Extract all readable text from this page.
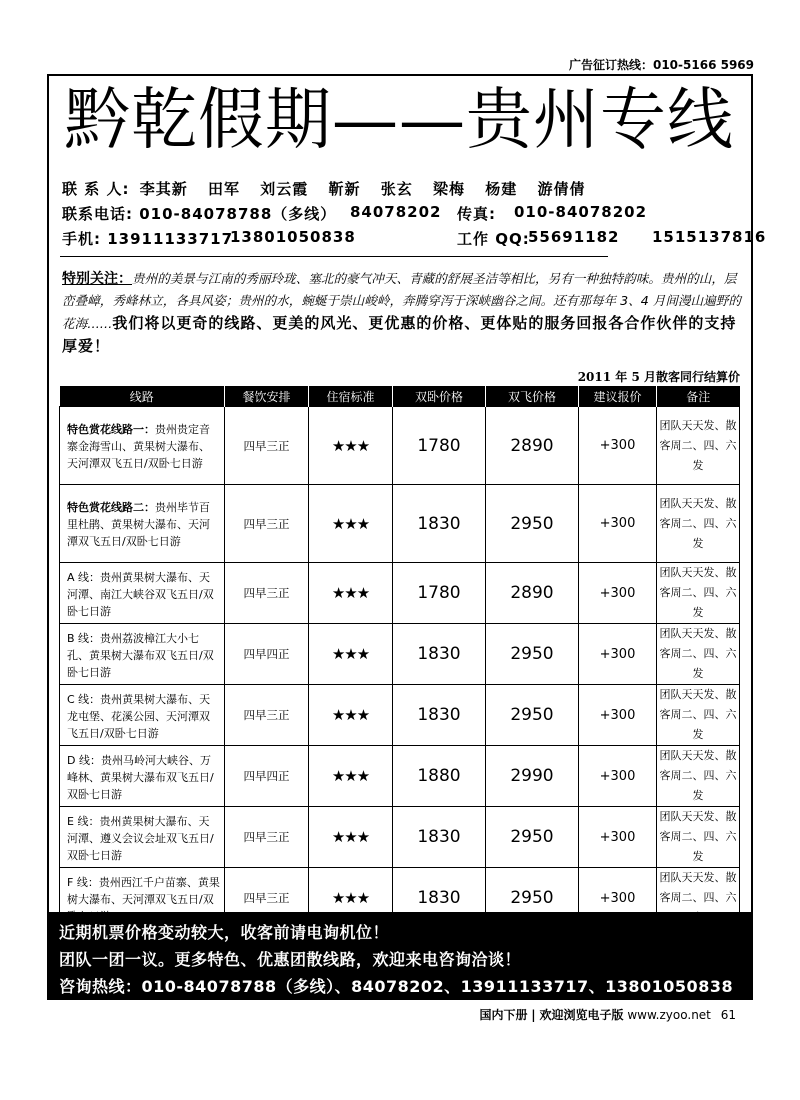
广告征订热线：010-5166 5969
黔乾假期——贵州专线
联 系 人: 李其新 田军 刘云霞 靳新 张玄 梁梅 杨建 游倩倩
联系电话: 010-84078788（多线） 84078202 传真: 010-84078202
手机: 13911133717
13801050838	工作 QQ:
55691182 1515137816
特别关注：贵州的美景与江南的秀丽玲珑、塞北的豪气冲天、青藏的舒展圣洁等相比，另有一种独特韵味。贵州的山，层峦叠嶂，秀峰林立，各具风姿；贵州的水，蜿蜒于崇山峻岭，奔腾穿泻于深峡幽谷之间。还有那每年 3、4 月间漫山遍野的花海……我们将以更奇的线路、更美的风光、更优惠的价格、更体贴的服务回报各合作伙伴的支持厚爱！
2011 年 5 月散客同行结算价
线路	餐饮安排	住宿标准	双卧价格	双飞价格	建议报价	备注
特色赏花线路一：贵州贵定音寨金海雪山、黄果树大瀑布、天河潭双飞五日/双卧七日游	四早三正	★★★	1780	2890	+300	团队天天发、散客周二、四、六发
特色赏花线路二：贵州毕节百里杜鹃、黄果树大瀑布、天河潭双飞五日/双卧七日游	四早三正	★★★	1830	2950	+300	团队天天发、散客周二、四、六发
A 线：贵州黄果树大瀑布、天河潭、南江大峡谷双飞五日/双卧七日游	四早三正	★★★	1780	2890	+300	团队天天发、散客周二、四、六发
B 线：贵州荔波樟江大小七孔、黄果树大瀑布双飞五日/双卧七日游	四早四正	★★★	1830	2950	+300	团队天天发、散客周二、四、六发
C 线：贵州黄果树大瀑布、天龙屯堡、花溪公园、天河潭双飞五日/双卧七日游	四早三正	★★★	1830	2950	+300	团队天天发、散客周二、四、六发
D 线：贵州马岭河大峡谷、万峰林、黄果树大瀑布双飞五日/双卧七日游	四早四正	★★★	1880	2990	+300	团队天天发、散客周二、四、六发
E 线：贵州黄果树大瀑布、天河潭、遵义会议会址双飞五日/双卧七日游	四早三正	★★★	1830	2950	+300	团队天天发、散客周二、四、六发
F 线：贵州西江千户苗寨、黄果树大瀑布、天河潭双飞五日/双	四早三正	★★★	1830	2950	+300	团队天天发、散客周二、四、六
近期机票价格变动较大，收客前请电询机位！
团队一团一议。更多特色、优惠团散线路，欢迎来电咨询洽谈！
咨询热线：010-84078788（多线）、84078202、13911133717、13801050838
国内下册 | 欢迎浏览电子版 www.zyoo.net 61
